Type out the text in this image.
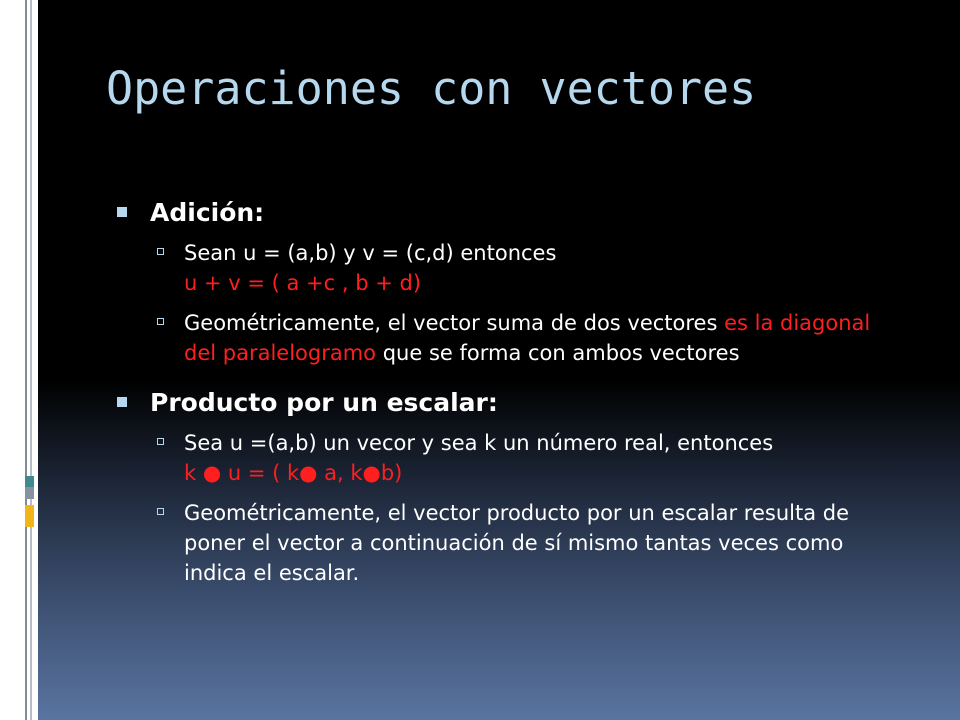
Operaciones con vectores
Adición:
Sean u = (a,b) y v = (c,d) entonces
u + v = ( a +c , b + d)
Geométricamente, el vector suma de dos vectores es la diagonal del paralelogramo que se forma con ambos vectores
Producto por un escalar:
Sea u =(a,b) un vecor y sea k un número real, entonces
k ● u = ( k● a, k●b)
Geométricamente, el vector producto por un escalar resulta de poner el vector a continuación de sí mismo tantas veces como indica el escalar.
